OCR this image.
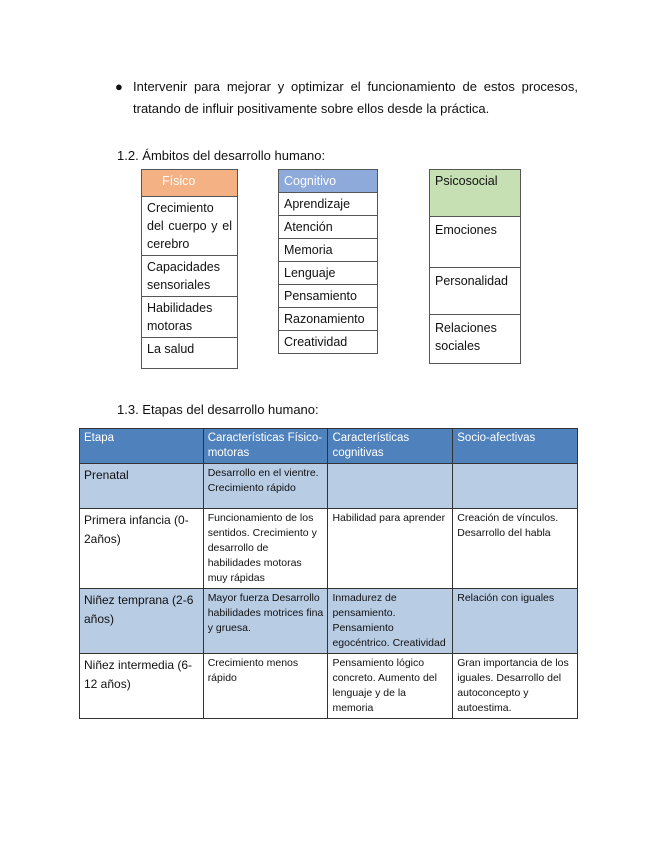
● Intervenir para mejorar y optimizar el funcionamiento de estos procesos, tratando de influir positivamente sobre ellos desde la práctica.
1.2. Ámbitos del desarrollo humano:
Físico
Crecimiento del cuerpo y el cerebro
Capacidades sensoriales
Habilidades motoras
La salud
Cognitivo
Aprendizaje
Atención
Memoria
Lenguaje
Pensamiento
Razonamiento
Creatividad
Psicosocial
Emociones
Personalidad
Relaciones sociales
1.3. Etapas del desarrollo humano:
Etapa	Características Físico-motoras	Características cognitivas	Socio-afectivas
Prenatal	Desarrollo en el vientre. Crecimiento rápido		
Primera infancia (0-2años)	Funcionamiento de los sentidos. Crecimiento y desarrollo de habilidades motoras muy rápidas	Habilidad para aprender	Creación de vínculos. Desarrollo del habla
Niñez temprana (2-6 años)	Mayor fuerza Desarrollo habilidades motrices fina y gruesa.	Inmadurez de pensamiento. Pensamiento egocéntrico. Creatividad	Relación con iguales
Niñez intermedia (6-12 años)	Crecimiento menos rápido	Pensamiento lógico concreto. Aumento del lenguaje y de la memoria	Gran importancia de los iguales. Desarrollo del autoconcepto y autoestima.
